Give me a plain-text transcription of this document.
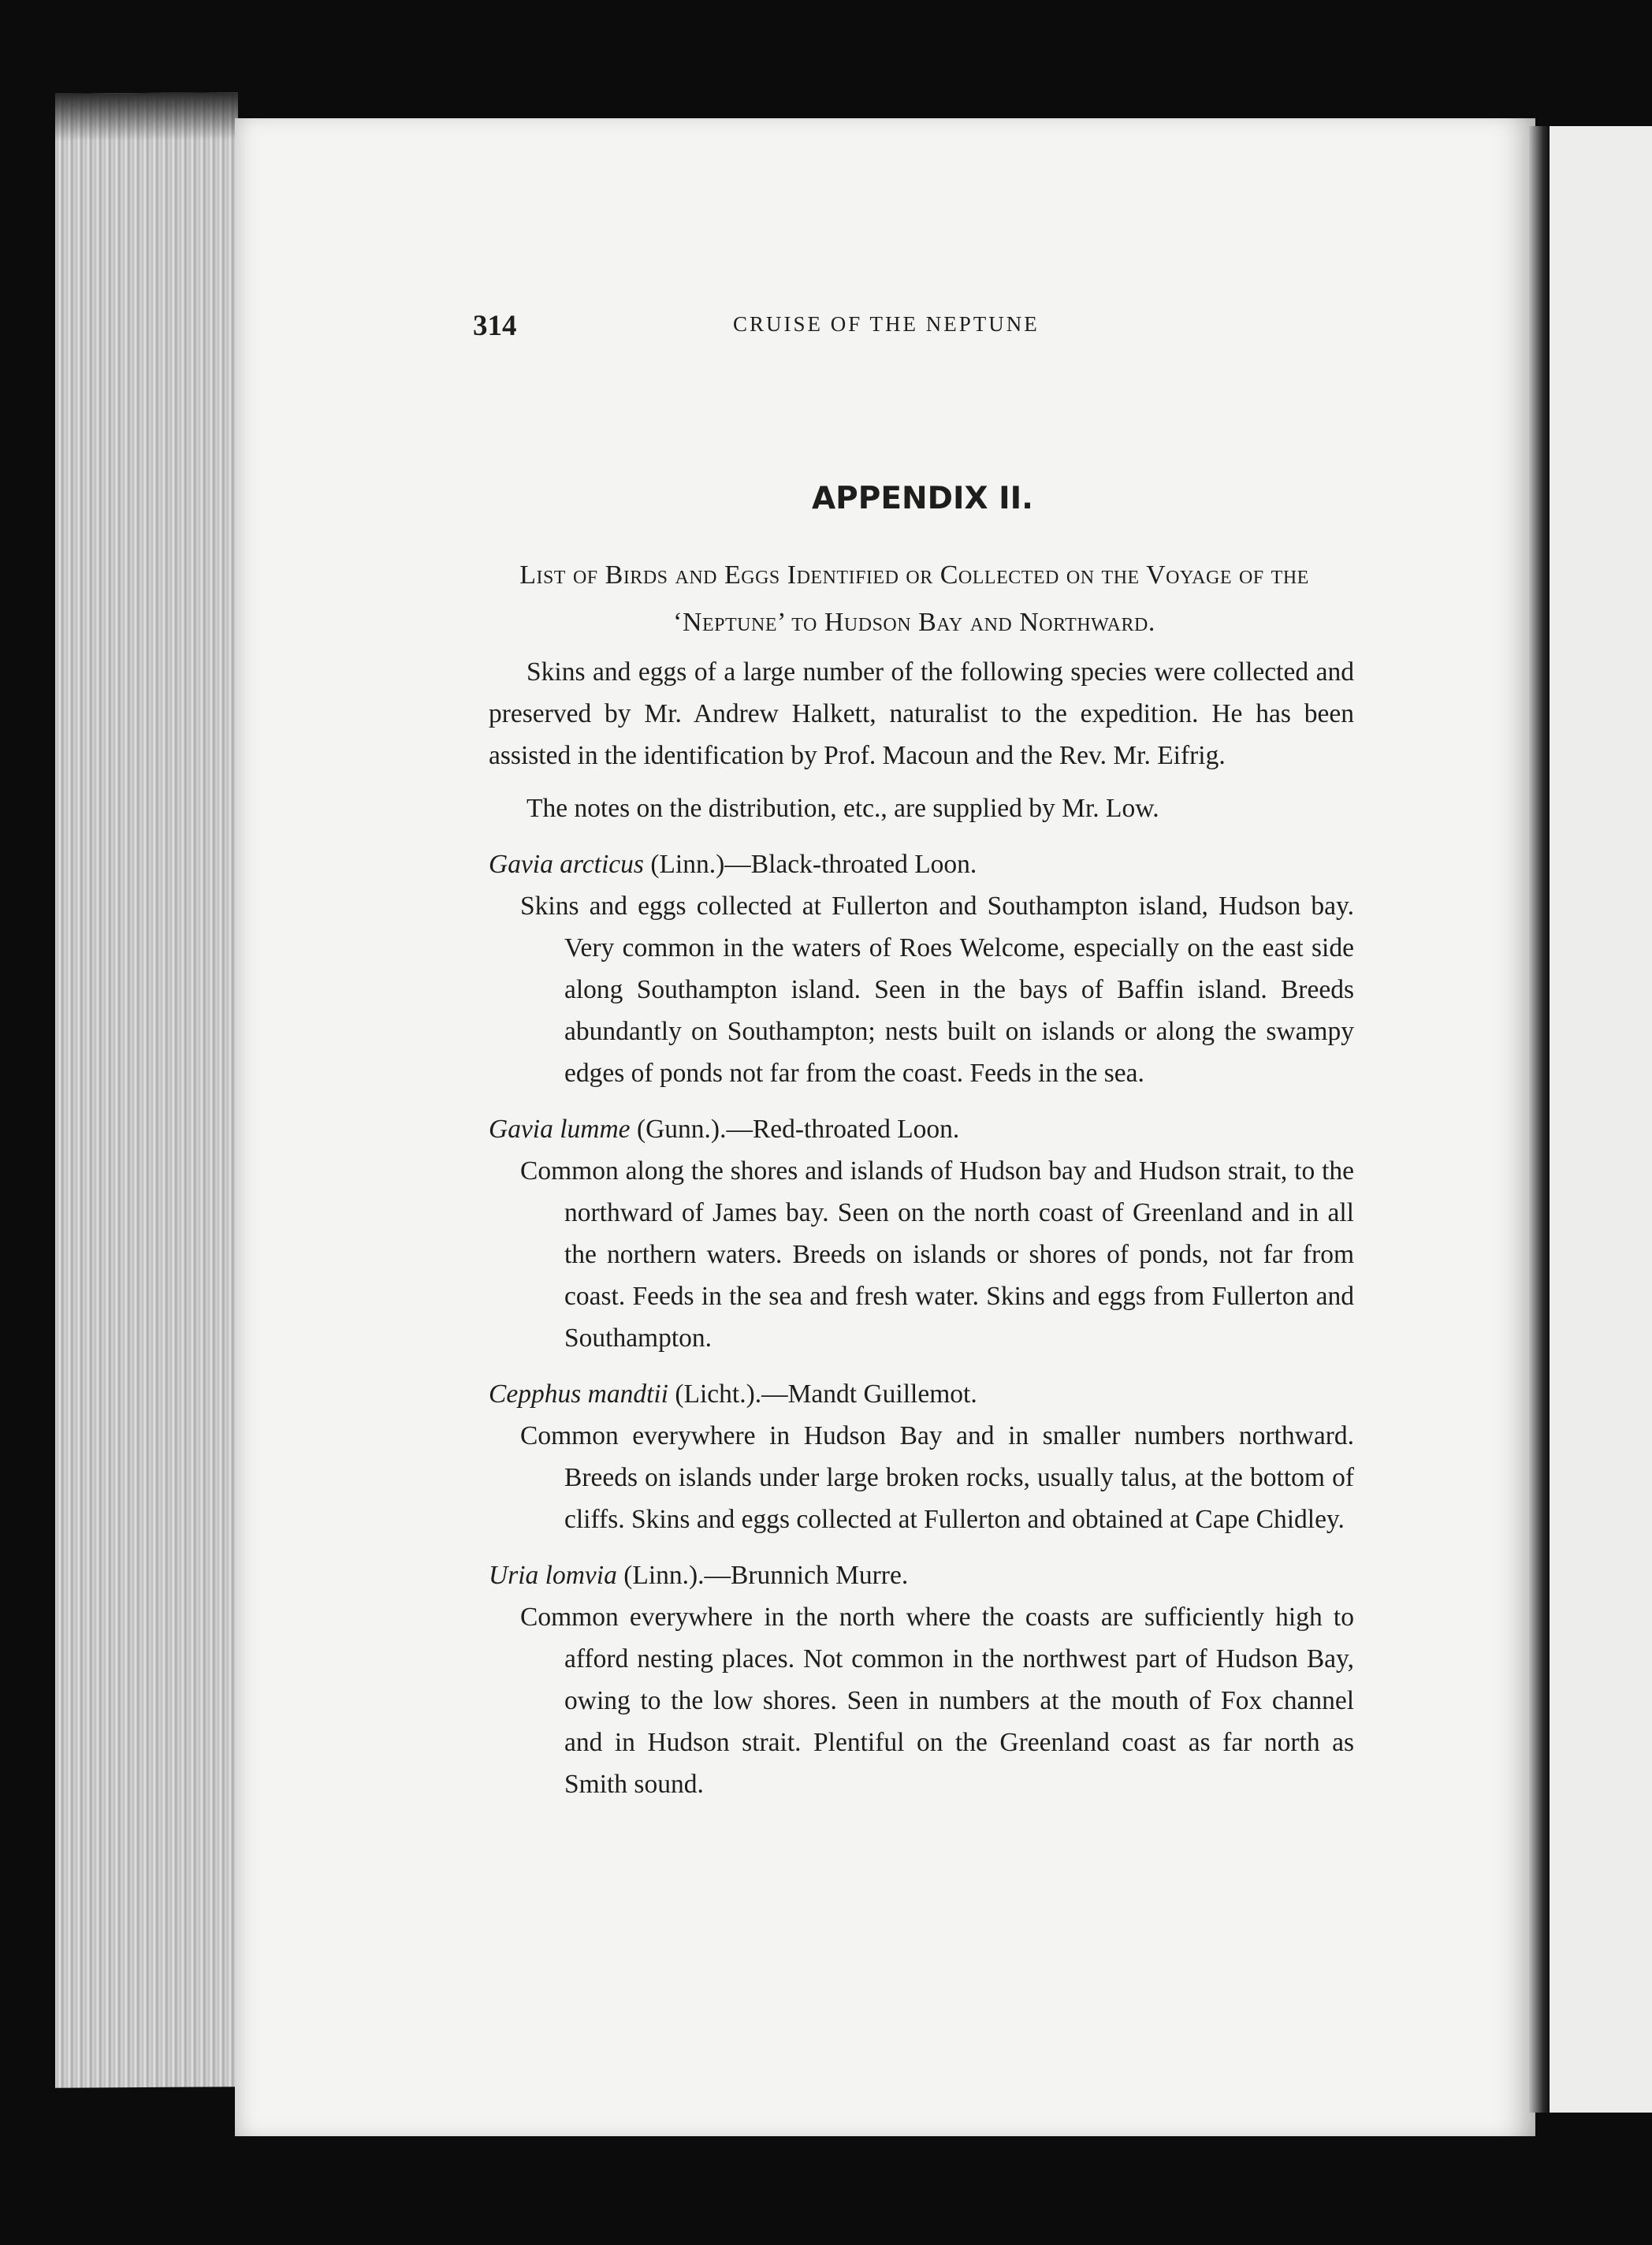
314	CRUISE OF THE NEPTUNE
APPENDIX II.
List of Birds and Eggs Identified or Collected on the Voyage of the ‘Neptune’ to Hudson Bay and Northward.

Skins and eggs of a large number of the following species were collected and preserved by Mr. Andrew Halkett, naturalist to the expedition. He has been assisted in the identification by Prof. Macoun and the Rev. Mr. Eifrig.

The notes on the distribution, etc., are supplied by Mr. Low.

Gavia arcticus (Linn.)—Black-throated Loon.

Skins and eggs collected at Fullerton and Southampton island, Hudson bay. Very common in the waters of Roes Welcome, especially on the east side along Southampton island. Seen in the bays of Baffin island. Breeds abundantly on Southampton; nests built on islands or along the swampy edges of ponds not far from the coast. Feeds in the sea.

Gavia lumme (Gunn.).—Red-throated Loon.

Common along the shores and islands of Hudson bay and Hudson strait, to the northward of James bay. Seen on the north coast of Greenland and in all the northern waters. Breeds on islands or shores of ponds, not far from coast. Feeds in the sea and fresh water. Skins and eggs from Fullerton and Southampton.

Cepphus mandtii (Licht.).—Mandt Guillemot.

Common everywhere in Hudson Bay and in smaller numbers northward. Breeds on islands under large broken rocks, usually talus, at the bottom of cliffs. Skins and eggs collected at Fullerton and obtained at Cape Chidley.

Uria lomvia (Linn.).—Brunnich Murre.

Common everywhere in the north where the coasts are sufficiently high to afford nesting places. Not common in the northwest part of Hudson Bay, owing to the low shores. Seen in numbers at the mouth of Fox channel and in Hudson strait. Plentiful on the Greenland coast as far north as Smith sound.
